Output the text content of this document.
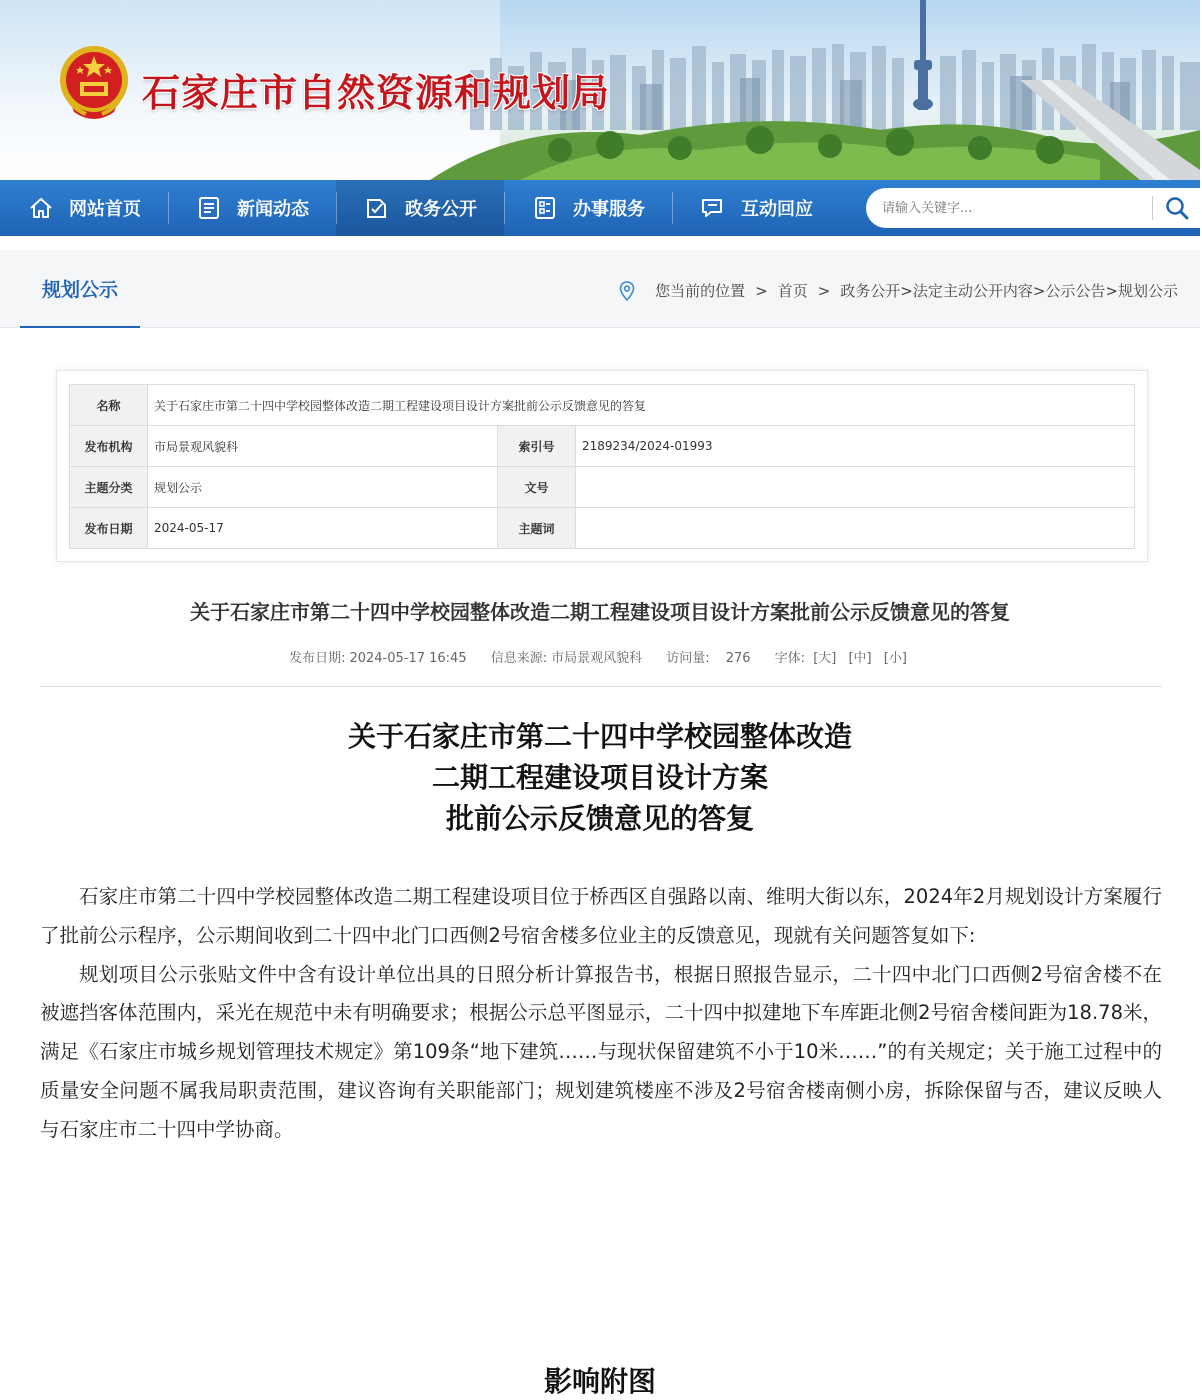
石家庄市自然资源和规划局
网站首页	新闻动态	政务公开	办事服务	互动回应
请输入关键字...
规划公示	您当前的位置 > 首页 > 政务公开>法定主动公开内容>公示公告>规划公示
名称	关于石家庄市第二十四中学校园整体改造二期工程建设项目设计方案批前公示反馈意见的答复		
发布机构	市局景观风貌科	索引号	2189234/2024-01993
主题分类	规划公示	文号	
发布日期	2024-05-17	主题词	
关于石家庄市第二十四中学校园整体改造二期工程建设项目设计方案批前公示反馈意见的答复
发布日期: 2024-05-17 16:45 信息来源: 市局景观风貌科 访问量: 276 字体: [大] [中] [小]
关于石家庄市第二十四中学校园整体改造
二期工程建设项目设计方案
批前公示反馈意见的答复

石家庄市第二十四中学校园整体改造二期工程建设项目位于桥西区自强路以南、维明大街以东，2024年2月规划设计方案履行了批前公示程序，公示期间收到二十四中北门口西侧2号宿舍楼多位业主的反馈意见，现就有关问题答复如下:

规划项目公示张贴文件中含有设计单位出具的日照分析计算报告书，根据日照报告显示，二十四中北门口西侧2号宿舍楼不在被遮挡客体范围内，采光在规范中未有明确要求；根据公示总平图显示，二十四中拟建地下车库距北侧2号宿舍楼间距为18.78米，满足《石家庄市城乡规划管理技术规定》第109条“地下建筑……与现状保留建筑不小于10米……”的有关规定；关于施工过程中的质量安全问题不属我局职责范围，建议咨询有关职能部门；规划建筑楼座不涉及2号宿舍楼南侧小房，拆除保留与否，建议反映人与石家庄市二十四中学协商。

影响附图
